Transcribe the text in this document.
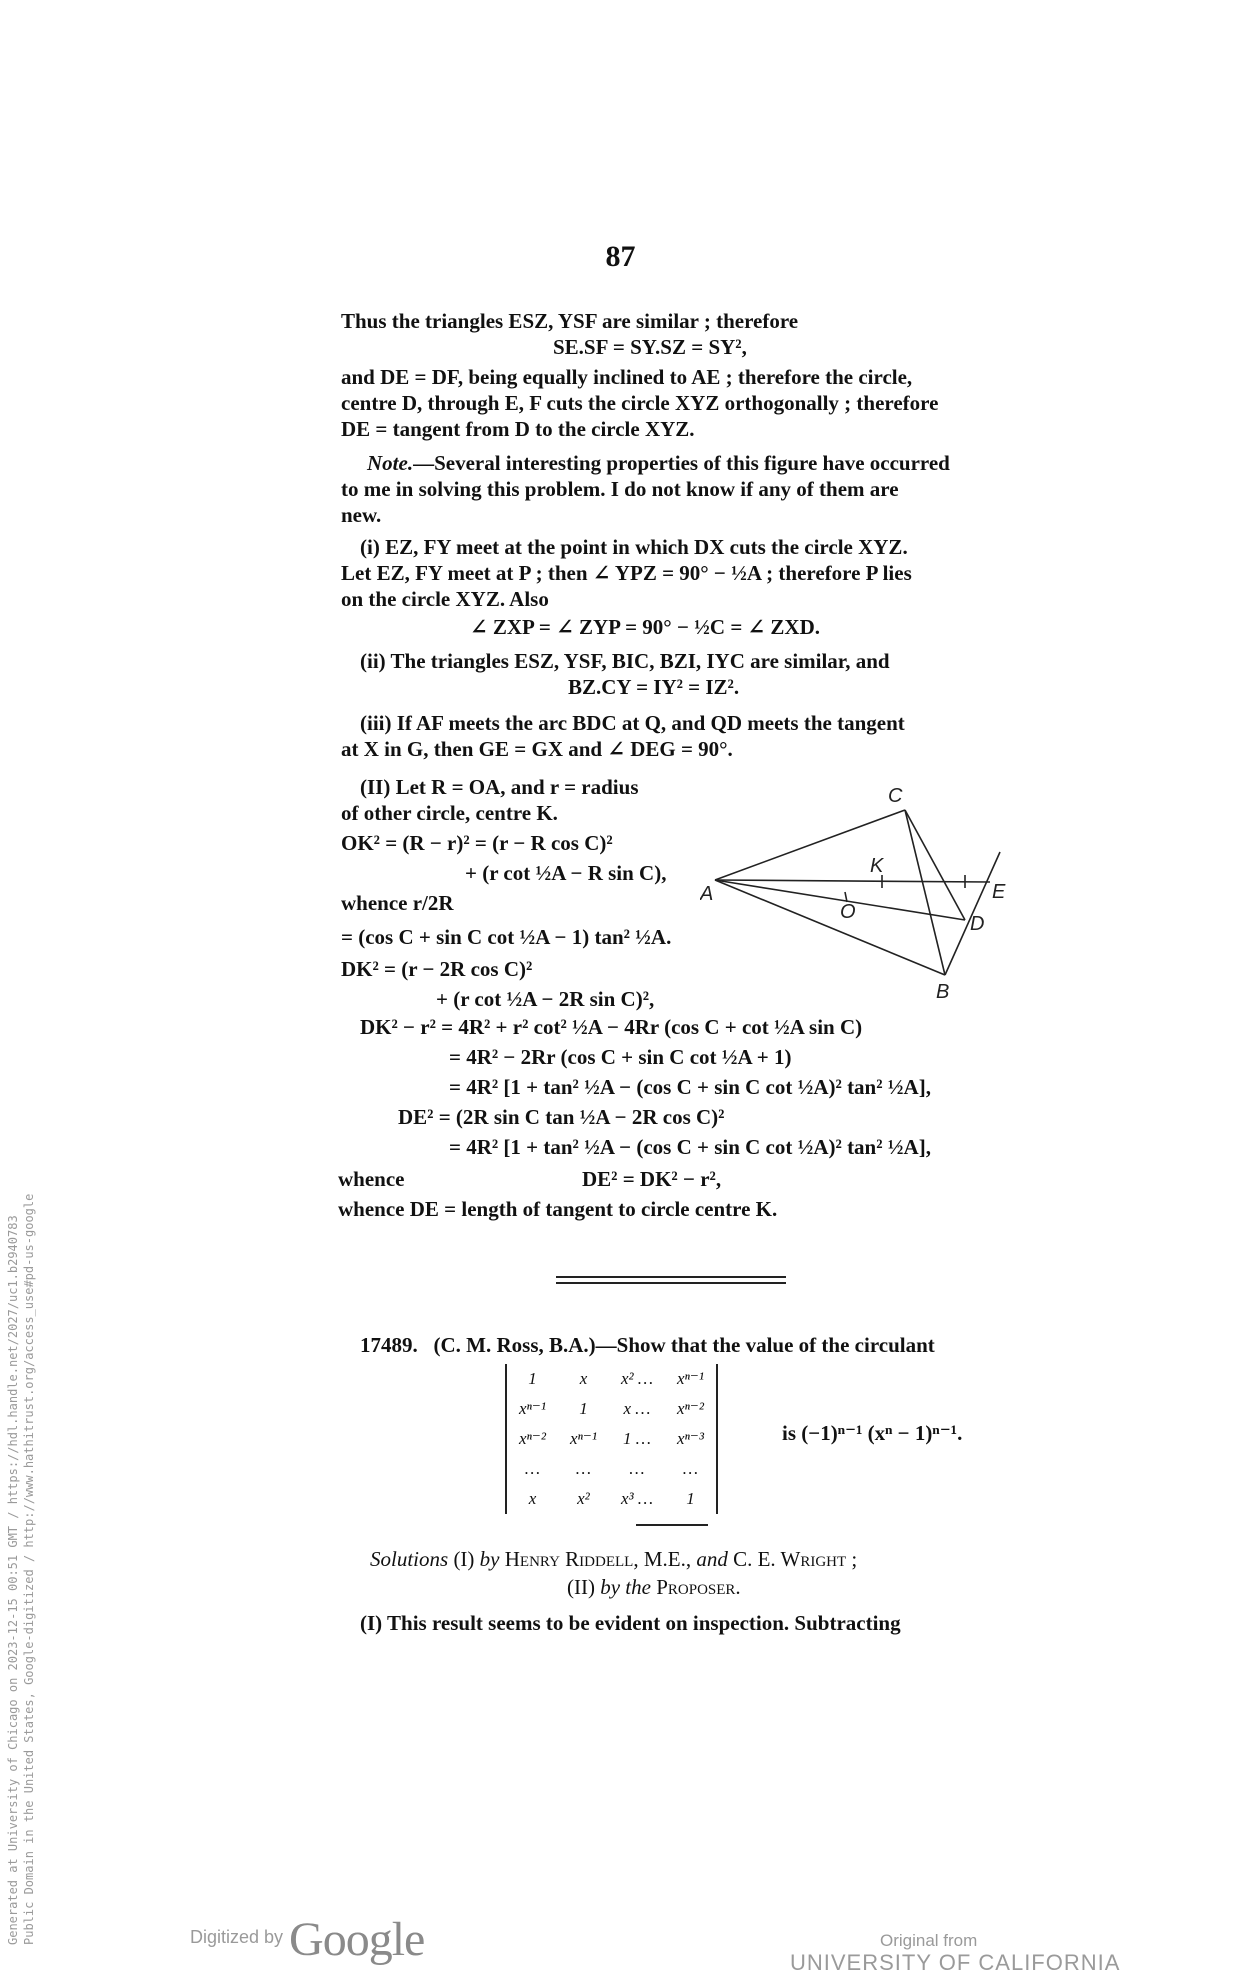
Generated at University of Chicago on 2023-12-15 00:51 GMT / https://hdl.handle.net/2027/uc1.b2940783 Public Domain in the United States, Google-digitized / http://www.hathitrust.org/access_use#pd-us-google
87
Thus the triangles ESZ, YSF are similar ; therefore
SE.SF = SY.SZ = SY²,
and DE = DF, being equally inclined to AE ; therefore the circle,
centre D, through E, F cuts the circle XYZ orthogonally ; therefore
DE = tangent from D to the circle XYZ.
Note.—Several interesting properties of this figure have occurred
to me in solving this problem. I do not know if any of them are
new.
(i) EZ, FY meet at the point in which DX cuts the circle XYZ.
Let EZ, FY meet at P ; then ∠ YPZ = 90° − ½A ; therefore P lies
on the circle XYZ. Also
∠ ZXP = ∠ ZYP = 90° − ½C = ∠ ZXD.
(ii) The triangles ESZ, YSF, BIC, BZI, IYC are similar, and
BZ.CY = IY² = IZ².
(iii) If AF meets the arc BDC at Q, and QD meets the tangent
at X in G, then GE = GX and ∠ DEG = 90°.
(II) Let R = OA, and r = radius
of other circle, centre K.
OK² = (R − r)² = (r − R cos C)²
+ (r cot ½A − R sin C),
whence r/2R
= (cos C + sin C cot ½A − 1) tan² ½A.
DK² = (r − 2R cos C)²
+ (r cot ½A − 2R sin C)²,
DK² − r² = 4R² + r² cot² ½A − 4Rr (cos C + cot ½A sin C)
= 4R² − 2Rr (cos C + sin C cot ½A + 1)
= 4R² [1 + tan² ½A − (cos C + sin C cot ½A)² tan² ½A],
DE² = (2R sin C tan ½A − 2R cos C)²
= 4R² [1 + tan² ½A − (cos C + sin C cot ½A)² tan² ½A],
whence	DE² = DK² − r²,
whence DE = length of tangent to circle centre K.
C
K
A
O
E
D
B
17489. (C. M. Ross, B.A.)—Show that the value of the circulant
1	x	x² …	xⁿ⁻¹
xⁿ⁻¹	1	x …	xⁿ⁻²
xⁿ⁻²	xⁿ⁻¹	1 …	xⁿ⁻³
…	…	…	…
x	x²	x³ …	1
is (−1)ⁿ⁻¹ (xⁿ − 1)ⁿ⁻¹.
Solutions (I) by Henry Riddell, M.E., and C. E. Wright ;
(II) by the Proposer.
(I) This result seems to be evident on inspection. Subtracting
Digitized by Google	Original from
UNIVERSITY OF CALIFORNIA
